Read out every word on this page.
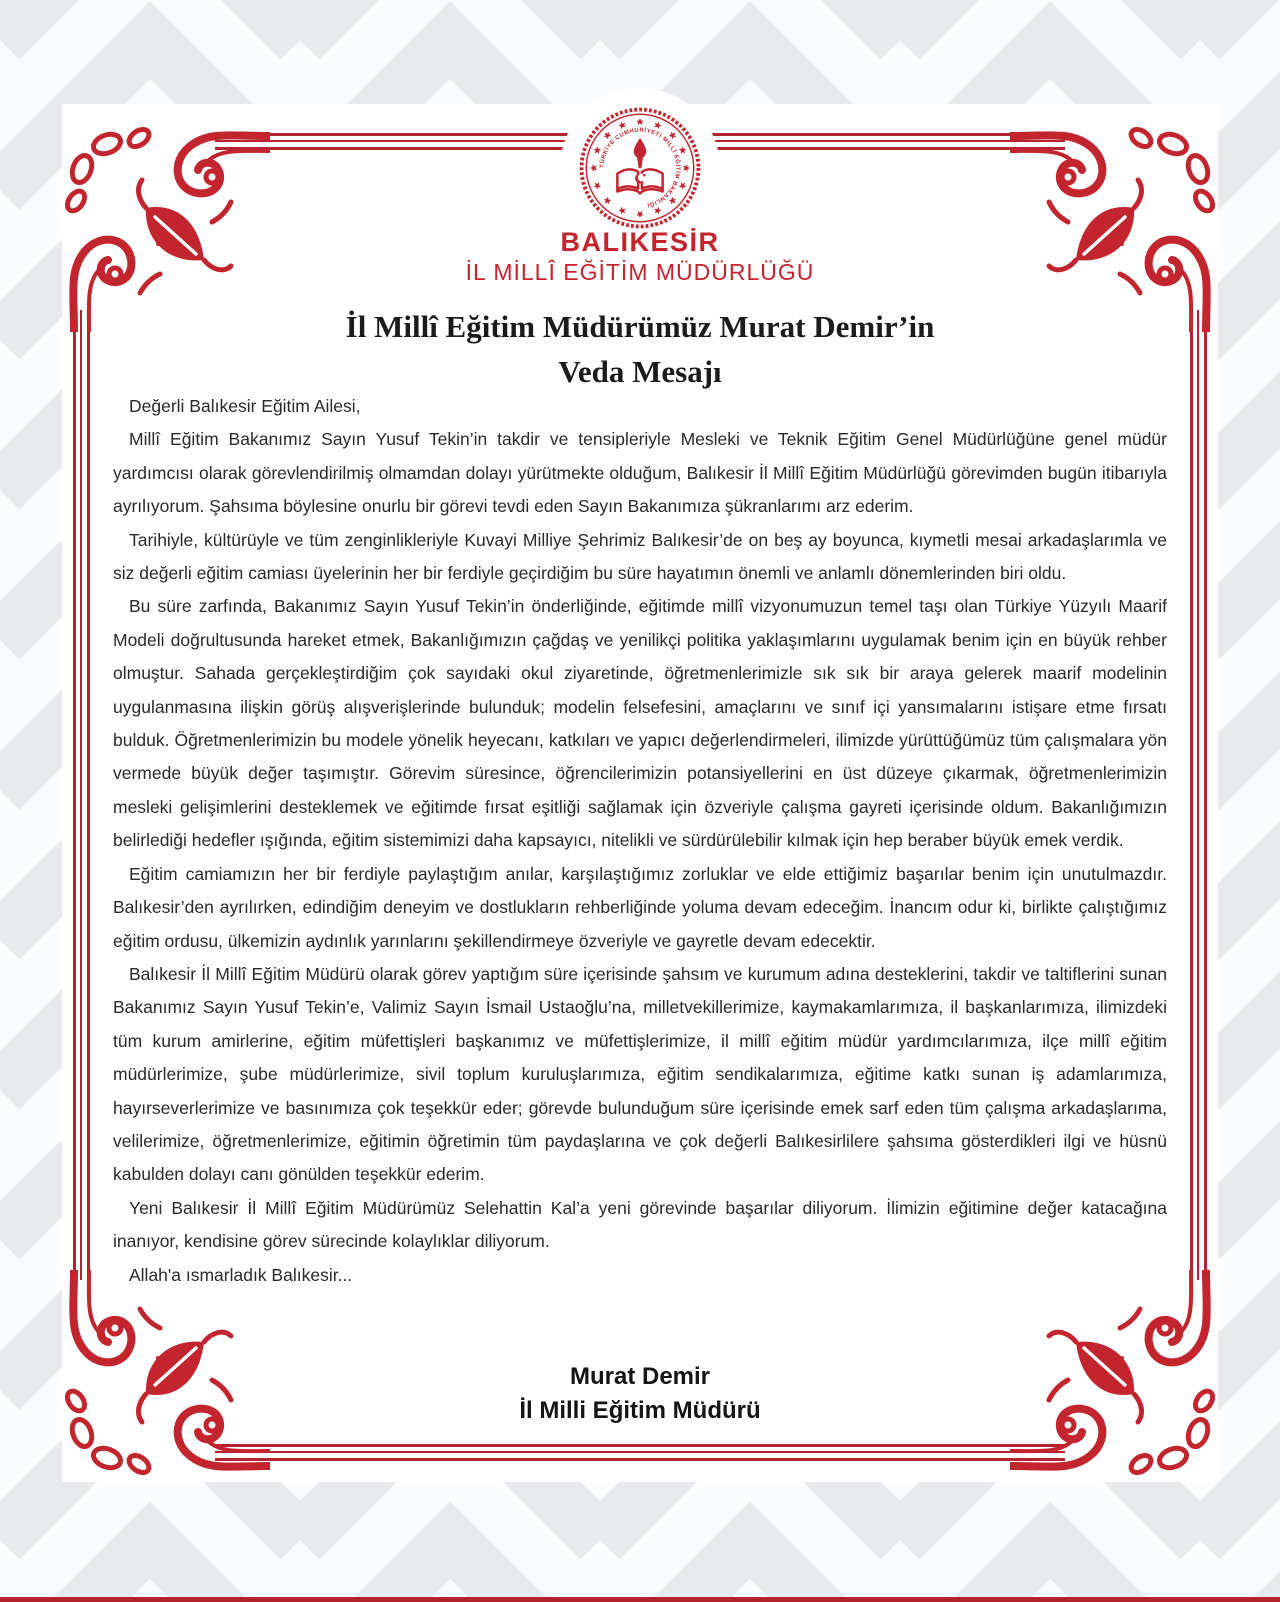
TÜRKİYE CUMHURİYETİ MİLLÎ EĞİTİM BAKANLIĞI
BALIKESİR
İL MİLLÎ EĞİTİM MÜDÜRLÜĞÜ
İl Millî Eğitim Müdürümüz Murat Demir’in
Veda Mesajı

Değerli Balıkesir Eğitim Ailesi,

Millî Eğitim Bakanımız Sayın Yusuf Tekin’in takdir ve tensipleriyle Mesleki ve Teknik Eğitim Genel Müdürlüğüne genel müdür yardımcısı olarak görevlendirilmiş olmamdan dolayı yürütmekte olduğum, Balıkesir İl Millî Eğitim Müdürlüğü görevimden bugün itibarıyla ayrılıyorum. Şahsıma böylesine onurlu bir görevi tevdi eden Sayın Bakanımıza şükranlarımı arz ederim.

Tarihiyle, kültürüyle ve tüm zenginlikleriyle Kuvayi Milliye Şehrimiz Balıkesir’de on beş ay boyunca, kıymetli mesai arkadaşlarımla ve siz değerli eğitim camiası üyelerinin her bir ferdiyle geçirdiğim bu süre hayatımın önemli ve anlamlı dönemlerinden biri oldu.

Bu süre zarfında, Bakanımız Sayın Yusuf Tekin’in önderliğinde, eğitimde millî vizyonumuzun temel taşı olan Türkiye Yüzyılı Maarif Modeli doğrultusunda hareket etmek, Bakanlığımızın çağdaş ve yenilikçi politika yaklaşımlarını uygulamak benim için en büyük rehber olmuştur. Sahada gerçekleştirdiğim çok sayıdaki okul ziyaretinde, öğretmenlerimizle sık sık bir araya gelerek maarif modelinin uygulanmasına ilişkin görüş alışverişlerinde bulunduk; modelin felsefesini, amaçlarını ve sınıf içi yansımalarını istişare etme fırsatı bulduk. Öğretmenlerimizin bu modele yönelik heyecanı, katkıları ve yapıcı değerlendirmeleri, ilimizde yürüttüğümüz tüm çalışmalara yön vermede büyük değer taşımıştır. Görevim süresince, öğrencilerimizin potansiyellerini en üst düzeye çıkarmak, öğretmenlerimizin mesleki gelişimlerini desteklemek ve eğitimde fırsat eşitliği sağlamak için özveriyle çalışma gayreti içerisinde oldum. Bakanlığımızın belirlediği hedefler ışığında, eğitim sistemimizi daha kapsayıcı, nitelikli ve sürdürülebilir kılmak için hep beraber büyük emek verdik.

Eğitim camiamızın her bir ferdiyle paylaştığım anılar, karşılaştığımız zorluklar ve elde ettiğimiz başarılar benim için unutulmazdır. Balıkesir’den ayrılırken, edindiğim deneyim ve dostlukların rehberliğinde yoluma devam edeceğim. İnancım odur ki, birlikte çalıştığımız eğitim ordusu, ülkemizin aydınlık yarınlarını şekillendirmeye özveriyle ve gayretle devam edecektir.

Balıkesir İl Millî Eğitim Müdürü olarak görev yaptığım süre içerisinde şahsım ve kurumum adına desteklerini, takdir ve taltiflerini sunan Bakanımız Sayın Yusuf Tekin’e, Valimiz Sayın İsmail Ustaoğlu’na, milletvekillerimize, kaymakamlarımıza, il başkanlarımıza, ilimizdeki tüm kurum amirlerine, eğitim müfettişleri başkanımız ve müfettişlerimize, il millî eğitim müdür yardımcılarımıza, ilçe millî eğitim müdürlerimize, şube müdürlerimize, sivil toplum kuruluşlarımıza, eğitim sendikalarımıza, eğitime katkı sunan iş adamlarımıza, hayırseverlerimize ve basınımıza çok teşekkür eder; görevde bulunduğum süre içerisinde emek sarf eden tüm çalışma arkadaşlarıma, velilerimize, öğretmenlerimize, eğitimin öğretimin tüm paydaşlarına ve çok değerli Balıkesirlilere şahsıma gösterdikleri ilgi ve hüsnü kabulden dolayı canı gönülden teşekkür ederim.

Yeni Balıkesir İl Millî Eğitim Müdürümüz Selehattin Kal’a yeni görevinde başarılar diliyorum. İlimizin eğitimine değer katacağına inanıyor, kendisine görev sürecinde kolaylıklar diliyorum.

Allah'a ısmarladık Balıkesir...

Murat Demir
İl Milli Eğitim Müdürü
